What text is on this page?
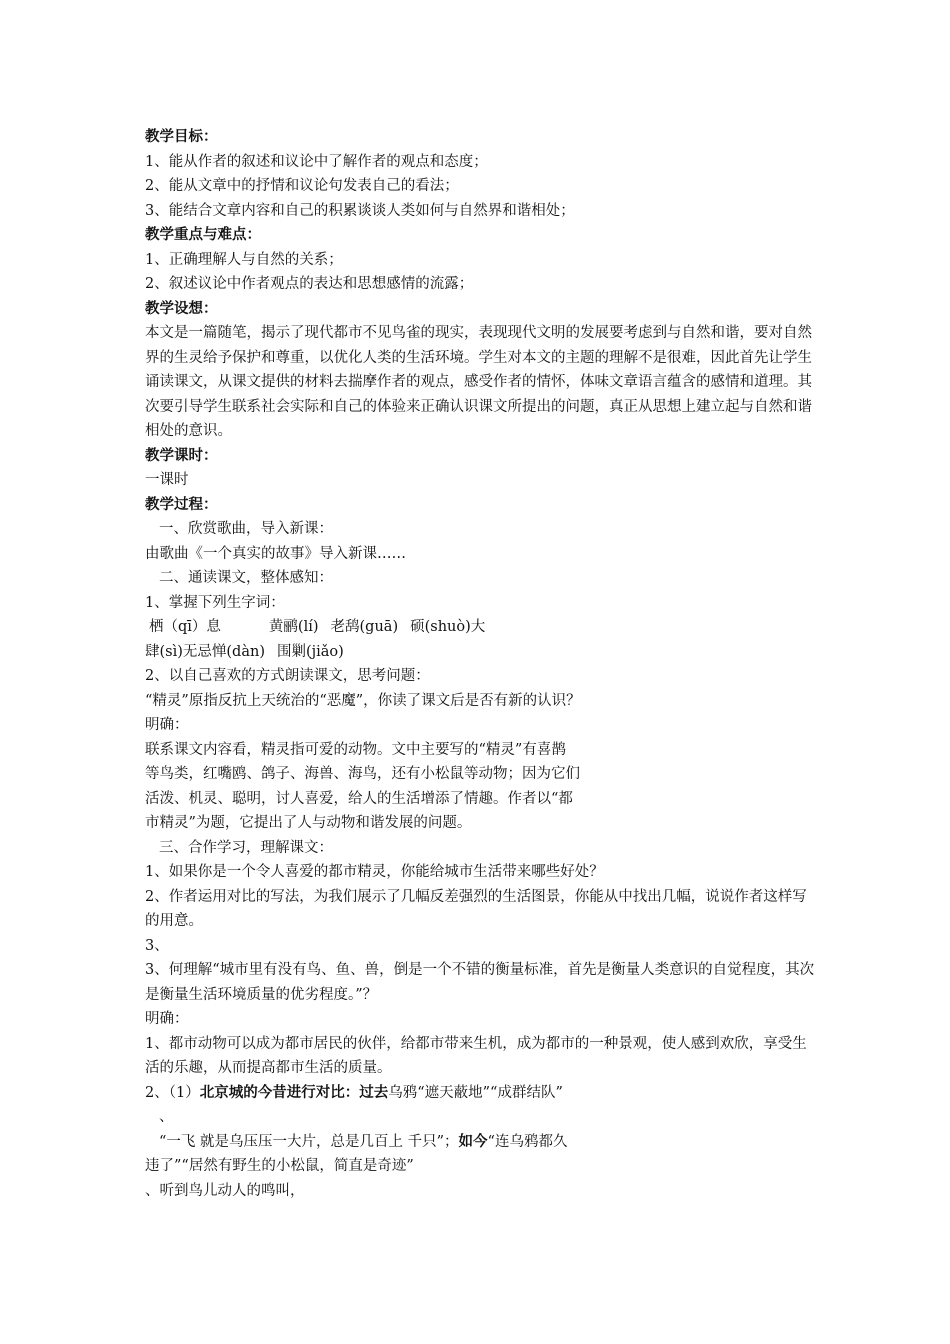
教学目标：
1、能从作者的叙述和议论中了解作者的观点和态度；
2、能从文章中的抒情和议论句发表自己的看法；
3、能结合文章内容和自己的积累谈谈人类如何与自然界和谐相处；
教学重点与难点：
1、正确理解人与自然的关系；
2、叙述议论中作者观点的表达和思想感情的流露；
教学设想：
本文是一篇随笔，揭示了现代都市不见鸟雀的现实，表现现代文明的发展要考虑到与自然和谐，要对自然界的生灵给予保护和尊重，以优化人类的生活环境。学生对本文的主题的理解不是很难，因此首先让学生诵读课文，从课文提供的材料去揣摩作者的观点，感受作者的情怀，体味文章语言蕴含的感情和道理。其次要引导学生联系社会实际和自己的体验来正确认识课文所提出的问题，真正从思想上建立起与自然和谐相处的意识。
教学课时：
一课时
教学过程：
一、欣赏歌曲，导入新课：
由歌曲《一个真实的故事》导入新课……
二、通读课文，整体感知：
1、掌握下列生字词：
栖（qī）息	黄鹂(lí) 老鸹(guā) 硕(shuò)大
肆(sì)无忌惮(dàn) 围剿(jiǎo)
2、以自己喜欢的方式朗读课文，思考问题：
“精灵”原指反抗上天统治的“恶魔”，你读了课文后是否有新的认识？
明确：
联系课文内容看，精灵指可爱的动物。文中主要写的“精灵”有喜鹊
等鸟类，红嘴鸥、鸽子、海兽、海鸟，还有小松鼠等动物；因为它们
活泼、机灵、聪明，讨人喜爱，给人的生活增添了情趣。作者以“都
市精灵”为题，它提出了人与动物和谐发展的问题。
三、合作学习，理解课文：
1、如果你是一个令人喜爱的都市精灵，你能给城市生活带来哪些好处？
2、作者运用对比的写法，为我们展示了几幅反差强烈的生活图景，你能从中找出几幅，说说作者这样写的用意。
3、
3、何理解“城市里有没有鸟、鱼、兽，倒是一个不错的衡量标准，首先是衡量人类意识的自觉程度，其次是衡量生活环境质量的优劣程度。”？
明确：
1、都市动物可以成为都市居民的伙伴，给都市带来生机，成为都市的一种景观，使人感到欢欣，享受生活的乐趣，从而提高都市生活的质量。
2、（1）北京城的今昔进行对比：过去乌鸦“遮天蔽地”“成群结队”
、
“一飞 就是乌压压一大片，总是几百上 千只”；如今“连乌鸦都久
违了”“居然有野生的小松鼠，简直是奇迹”
、听到鸟儿动人的鸣叫，
